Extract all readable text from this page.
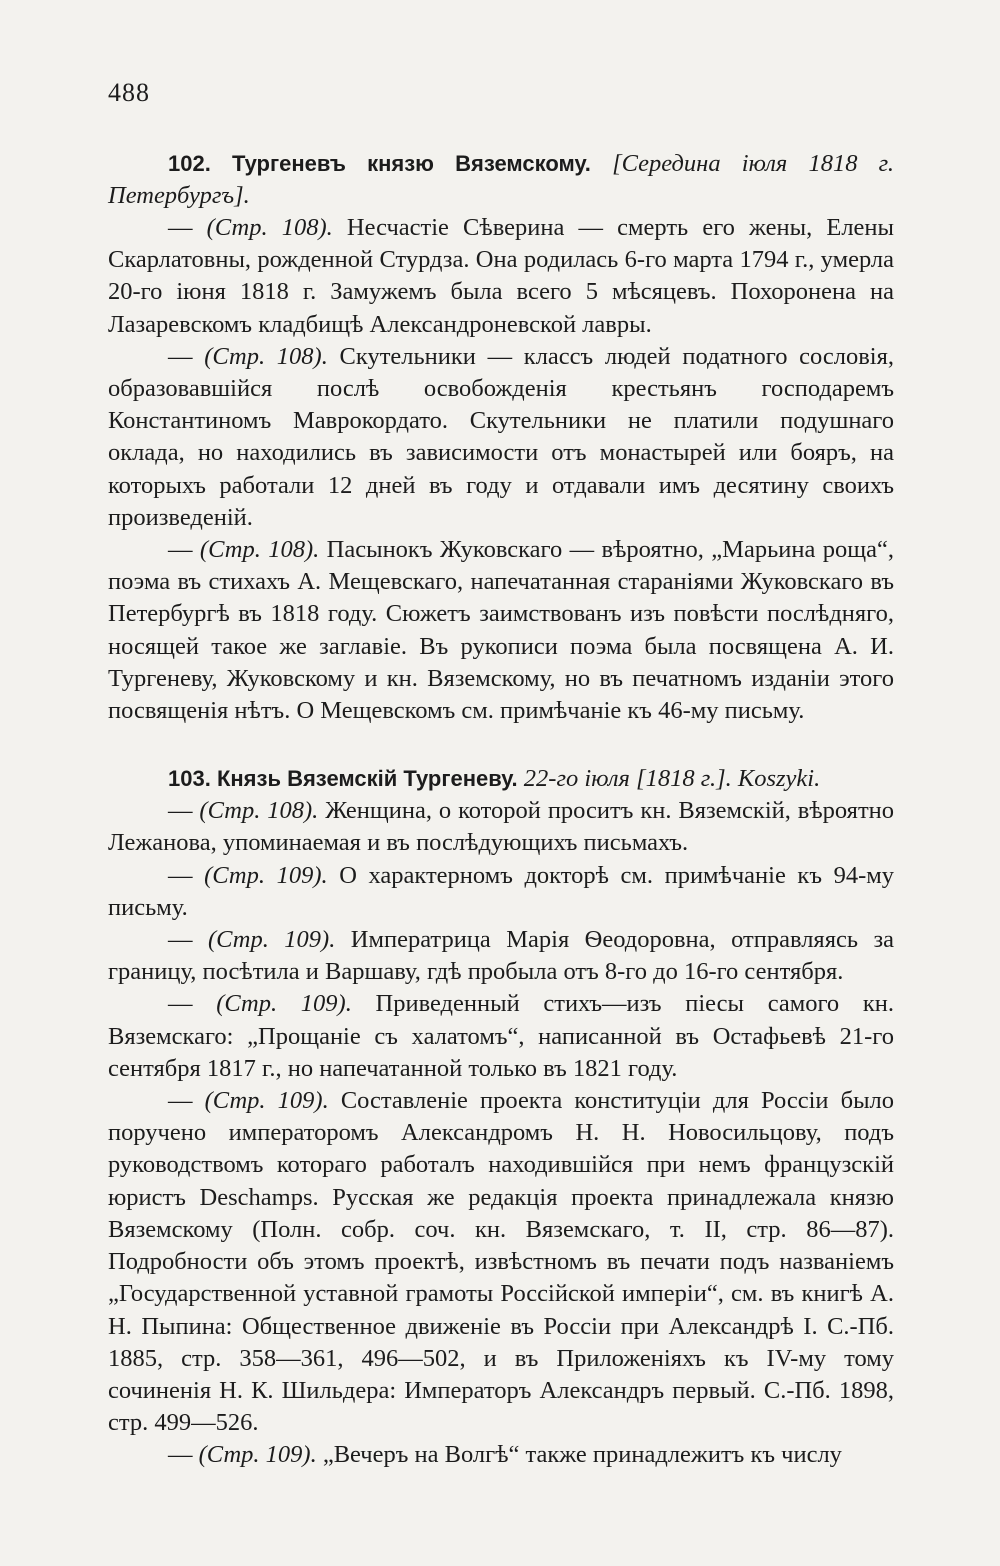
488

102. Тургеневъ князю Вяземскому. [Середина іюля 1818 г. Петербургъ].

— (Стр. 108). Несчастіе Сѣверина — смерть его жены, Елены Скарлатовны, рожденной Стурдза. Она родилась 6-го марта 1794 г., умерла 20-го іюня 1818 г. Замужемъ была всего 5 мѣсяцевъ. Похоронена на Лазаревскомъ кладбищѣ Александроневской лавры.

— (Стр. 108). Скутельники — классъ людей податного сословія, образовавшійся послѣ освобожденія крестьянъ господаремъ Константиномъ Маврокордато. Скутельники не платили подушнаго оклада, но находились въ зависимости отъ монастырей или бояръ, на которыхъ работали 12 дней въ году и отдавали имъ десятину своихъ произведеній.

— (Стр. 108). Пасынокъ Жуковскаго — вѣроятно, „Марьина роща“, поэма въ стихахъ А. Мещевскаго, напечатанная стараніями Жуковскаго въ Петербургѣ въ 1818 году. Сюжетъ заимствованъ изъ повѣсти послѣдняго, носящей такое же заглавіе. Въ рукописи поэма была посвящена А. И. Тургеневу, Жуковскому и кн. Вяземскому, но въ печатномъ изданіи этого посвященія нѣтъ. О Мещевскомъ см. примѣчаніе къ 46-му письму.

103. Князь Вяземскій Тургеневу. 22-го іюля [1818 г.]. Koszyki.

— (Стр. 108). Женщина, о которой проситъ кн. Вяземскій, вѣроятно Лежанова, упоминаемая и въ послѣдующихъ письмахъ.

— (Стр. 109). О характерномъ докторѣ см. примѣчаніе къ 94-му письму.

— (Стр. 109). Императрица Марія Ѳеодоровна, отправляясь за границу, посѣтила и Варшаву, гдѣ пробыла отъ 8-го до 16-го сентября.

— (Стр. 109). Приведенный стихъ—изъ піесы самого кн. Вяземскаго: „Прощаніе съ халатомъ“, написанной въ Остафьевѣ 21-го сентября 1817 г., но напечатанной только въ 1821 году.

— (Стр. 109). Составленіе проекта конституціи для Россіи было поручено императоромъ Александромъ Н. Н. Новосильцову, подъ руководствомъ котораго работалъ находившійся при немъ французскій юристъ Deschamps. Русская же редакція проекта принадлежала князю Вяземскому (Полн. собр. соч. кн. Вяземскаго, т. II, стр. 86—87). Подробности объ этомъ проектѣ, извѣстномъ въ печати подъ названіемъ „Государственной уставной грамоты Россійской имперіи“, см. въ книгѣ А. Н. Пыпина: Общественное движеніе въ Россіи при Александрѣ I. С.-Пб. 1885, стр. 358—361, 496—502, и въ Приложеніяхъ къ IV-му тому сочиненія Н. К. Шильдера: Императоръ Александръ первый. С.-Пб. 1898, стр. 499—526.

— (Стр. 109). „Вечеръ на Волгѣ“ также принадлежитъ къ числу
